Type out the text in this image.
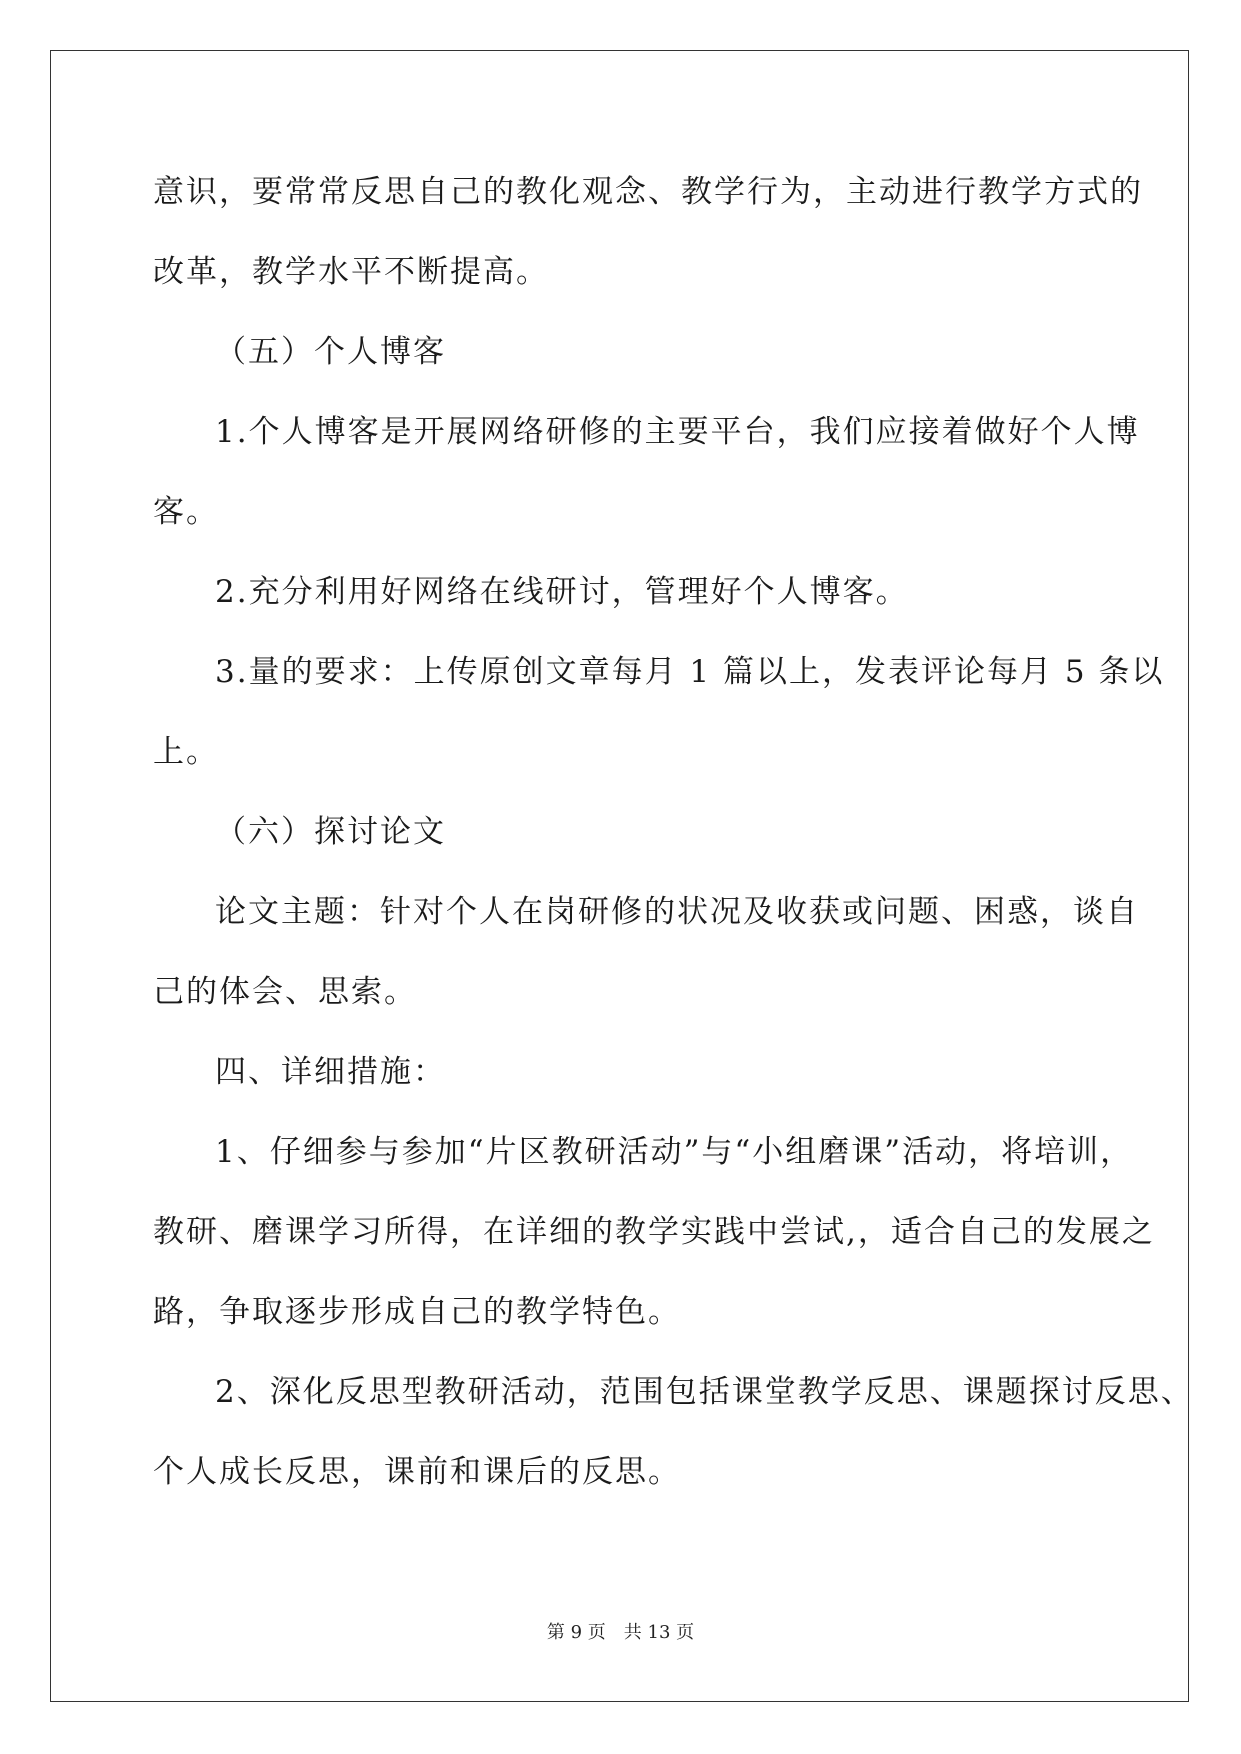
意识，要常常反思自己的教化观念、教学行为，主动进行教学方式的
改革，教学水平不断提高。
（五）个人博客
1.个人博客是开展网络研修的主要平台，我们应接着做好个人博
客。
2.充分利用好网络在线研讨，管理好个人博客。
3.量的要求：上传原创文章每月 1 篇以上，发表评论每月 5 条以
上。
（六）探讨论文
论文主题：针对个人在岗研修的状况及收获或问题、困惑，谈自
己的体会、思索。
四、详细措施：
1、仔细参与参加“片区教研活动”与“小组磨课”活动，将培训，
教研、磨课学习所得，在详细的教学实践中尝试,，适合自己的发展之
路，争取逐步形成自己的教学特色。
2、深化反思型教研活动，范围包括课堂教学反思、课题探讨反思、
个人成长反思，课前和课后的反思。
第 9 页　共 13 页
